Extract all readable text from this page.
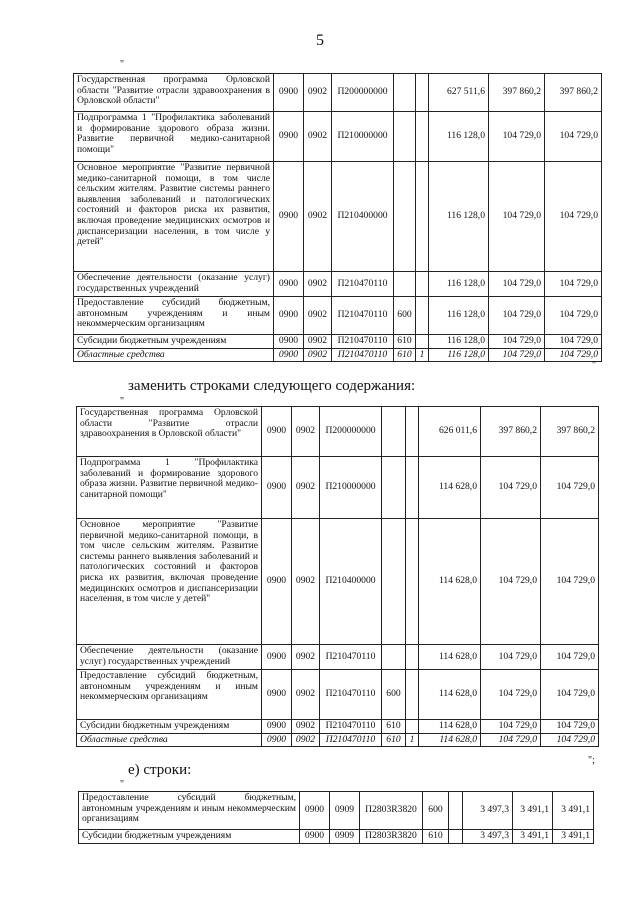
5
"
Государственная программа Орловской области "Развитие отрасли здравоохранения в Орловской области"	0900	0902	П200000000			627 511,6	397 860,2	397 860,2
Подпрограмма 1 "Профилактика заболеваний и формирование здорового образа жизни. Развитие первичной медико-санитарной помощи"	0900	0902	П210000000			116 128,0	104 729,0	104 729,0
Основное мероприятие "Развитие первичной медико-санитарной помощи, в том числе сельским жителям. Развитие системы раннего выявления заболеваний и патологических состояний и факторов риска их развития, включая проведение медицинских осмотров и диспансеризации населения, в том числе у детей"	0900	0902	П210400000			116 128,0	104 729,0	104 729,0
Обеспечение деятельности (оказание услуг) государственных учреждений	0900	0902	П210470110			116 128,0	104 729,0	104 729,0
Предоставление субсидий бюджетным, автономным учреждениям и иным некоммерческим организациям	0900	0902	П210470110	600		116 128,0	104 729,0	104 729,0
Субсидии бюджетным учреждениям	0900	0902	П210470110	610		116 128,0	104 729,0	104 729,0
Областные средства	0900	0902	П210470110	610	1	116 128,0	104 729,0	104 729,0
"
заменить строками следующего содержания:
"
Государственная программа Орловской области "Развитие отрасли здравоохранения в Орловской области"	0900	0902	П200000000			626 011,6	397 860,2	397 860,2
Подпрограмма 1 "Профилактика заболеваний и формирование здорового образа жизни. Развитие первичной медико-санитарной помощи"	0900	0902	П210000000			114 628,0	104 729,0	104 729,0
Основное мероприятие "Развитие первичной медико-санитарной помощи, в том числе сельским жителям. Развитие системы раннего выявления заболеваний и патологических состояний и факторов риска их развития, включая проведение медицинских осмотров и диспансеризации населения, в том числе у детей"	0900	0902	П210400000			114 628,0	104 729,0	104 729,0
Обеспечение деятельности (оказание услуг) государственных учреждений	0900	0902	П210470110			114 628,0	104 729,0	104 729,0
Предоставление субсидий бюджетным, автономным учреждениям и иным некоммерческим организациям	0900	0902	П210470110	600		114 628,0	104 729,0	104 729,0
Субсидии бюджетным учреждениям	0900	0902	П210470110	610		114 628,0	104 729,0	104 729,0
Областные средства	0900	0902	П210470110	610	1	114 628,0	104 729,0	104 729,0
";
е) строки:
"
Предоставление субсидий бюджетным, автономным учреждениям и иным некоммерческим организациям	0900	0909	П2803R3820	600		3 497,3	3 491,1	3 491,1
Субсидии бюджетным учреждениям	0900	0909	П2803R3820	610		3 497,3	3 491,1	3 491,1
